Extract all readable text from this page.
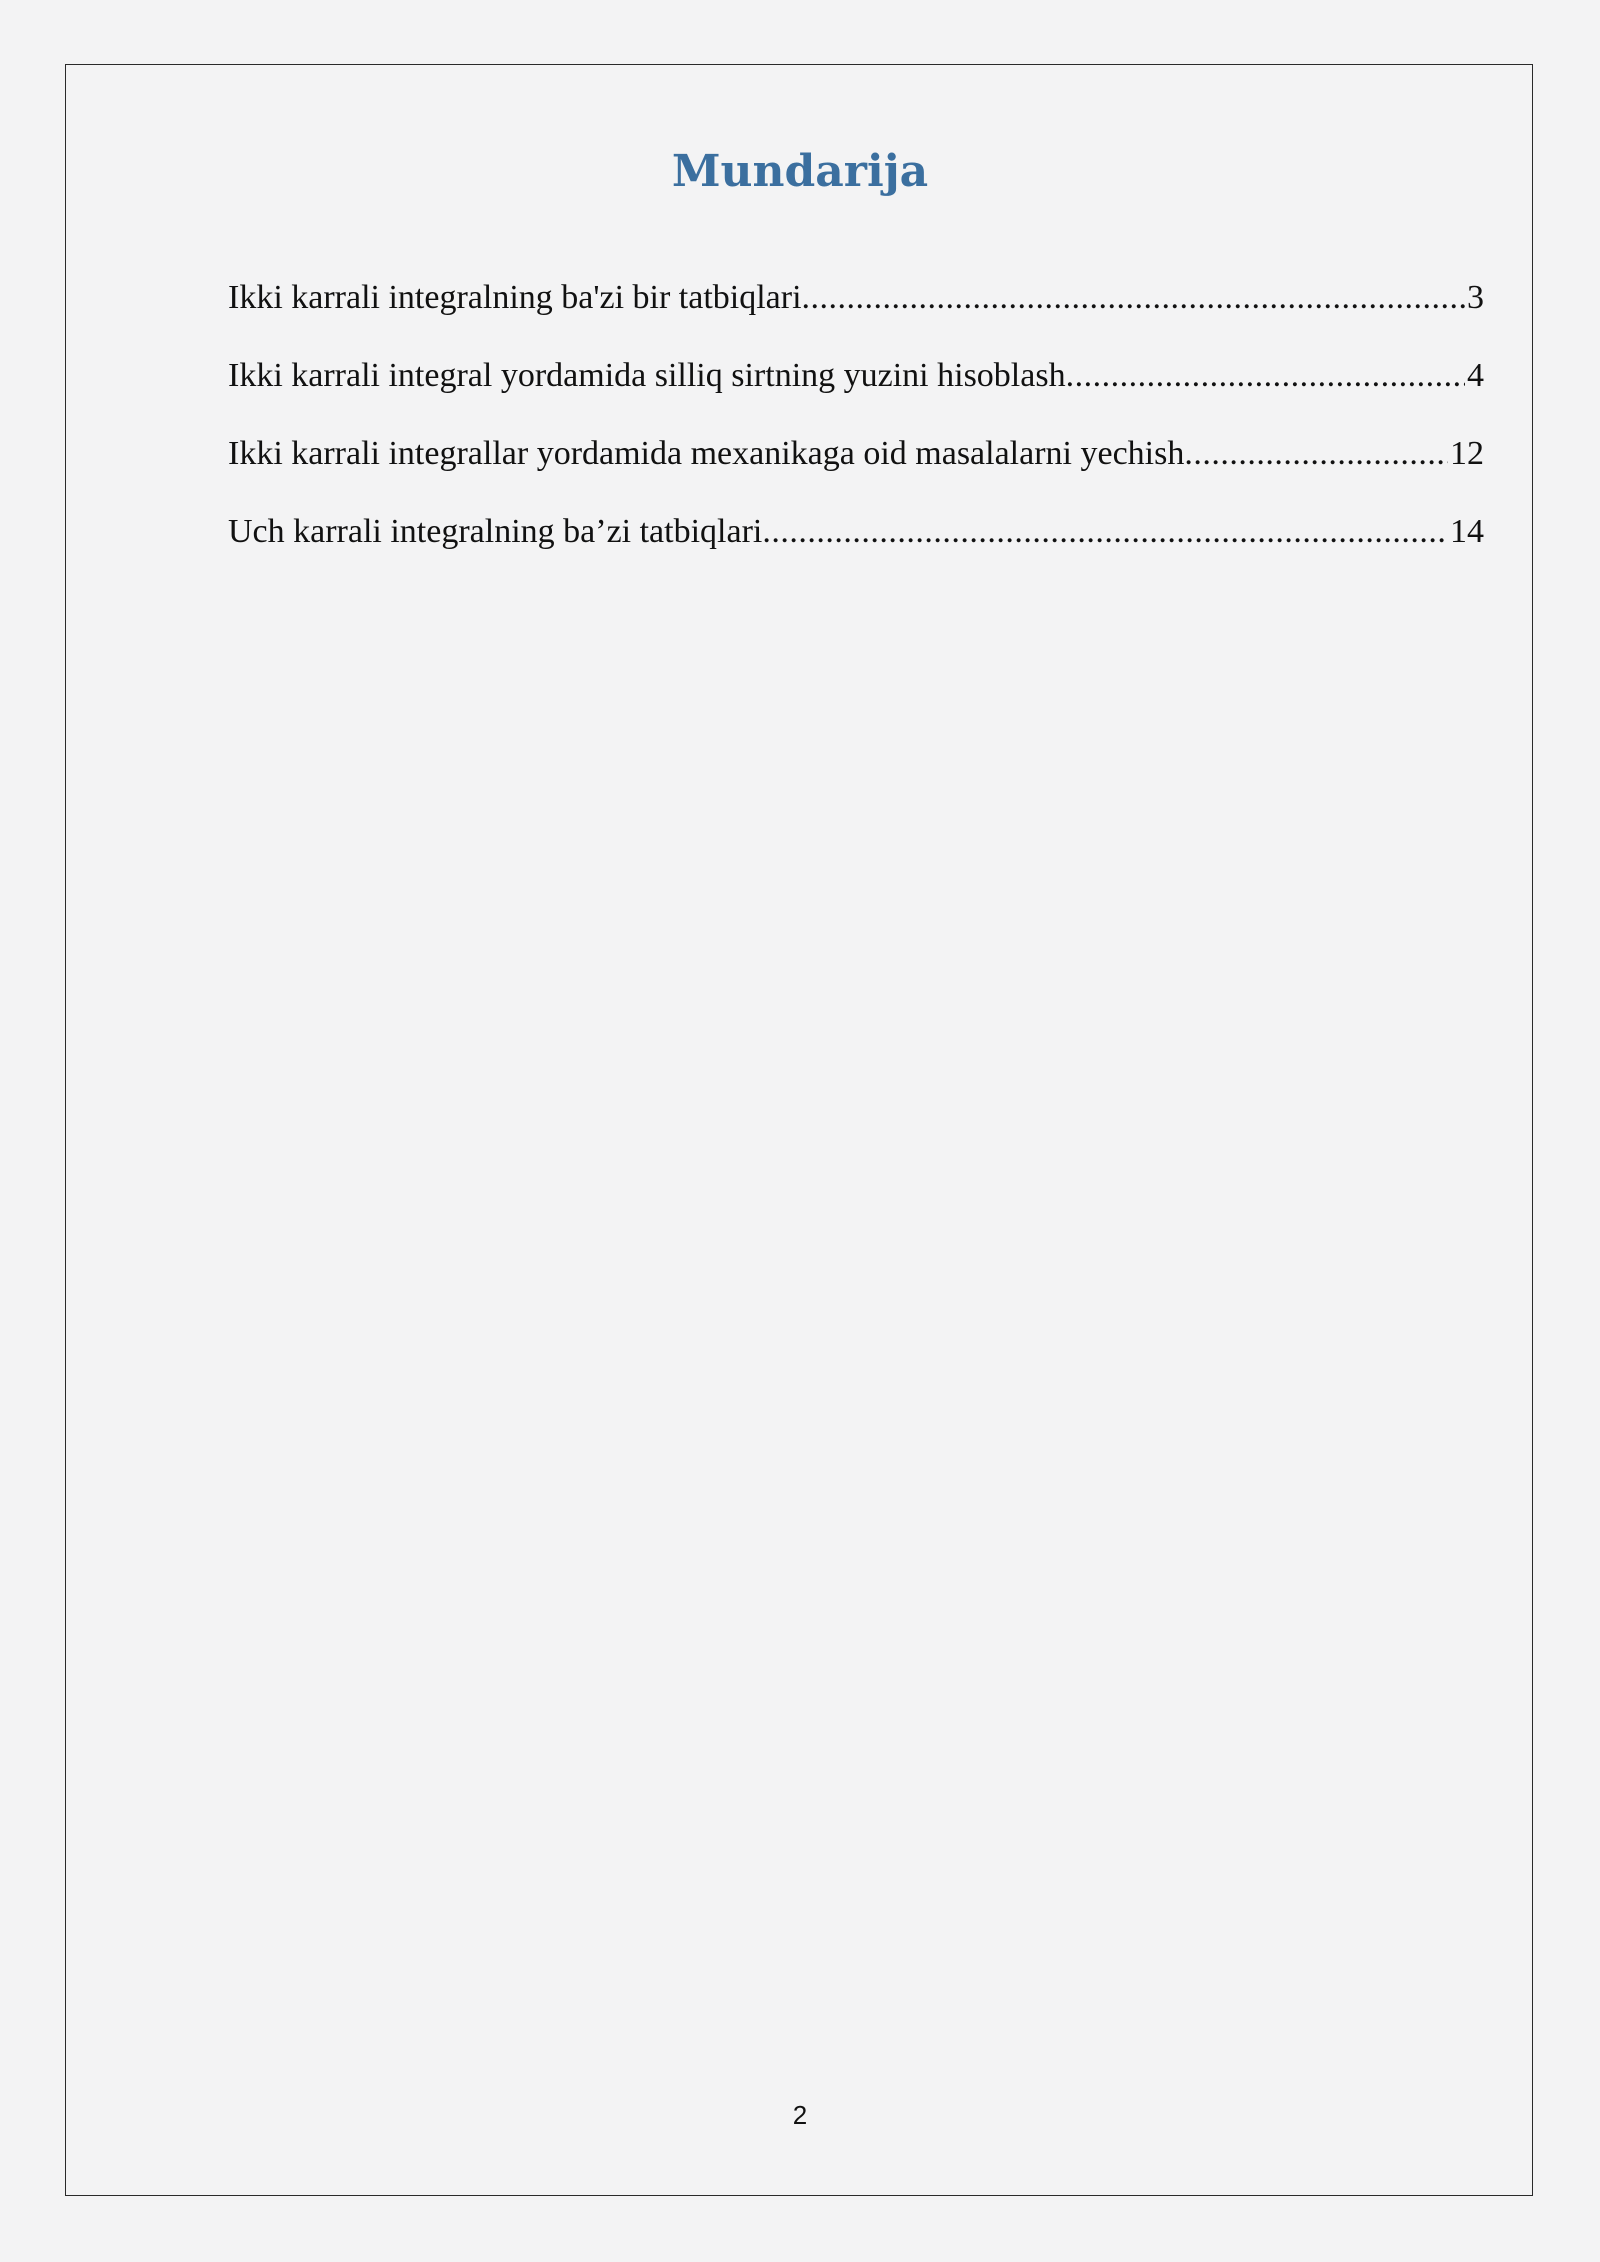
Mundarija
Ikki karrali integralning ba'zi bir tatbiqlari .....	3
Ikki karrali integral yordamida silliq sirtning yuzini hisoblash .....	4
Ikki karrali integrallar yordamida mexanikaga oid masalalarni yechish .....	12
Uch karrali integralning ba’zi tatbiqlari .....	14

2
